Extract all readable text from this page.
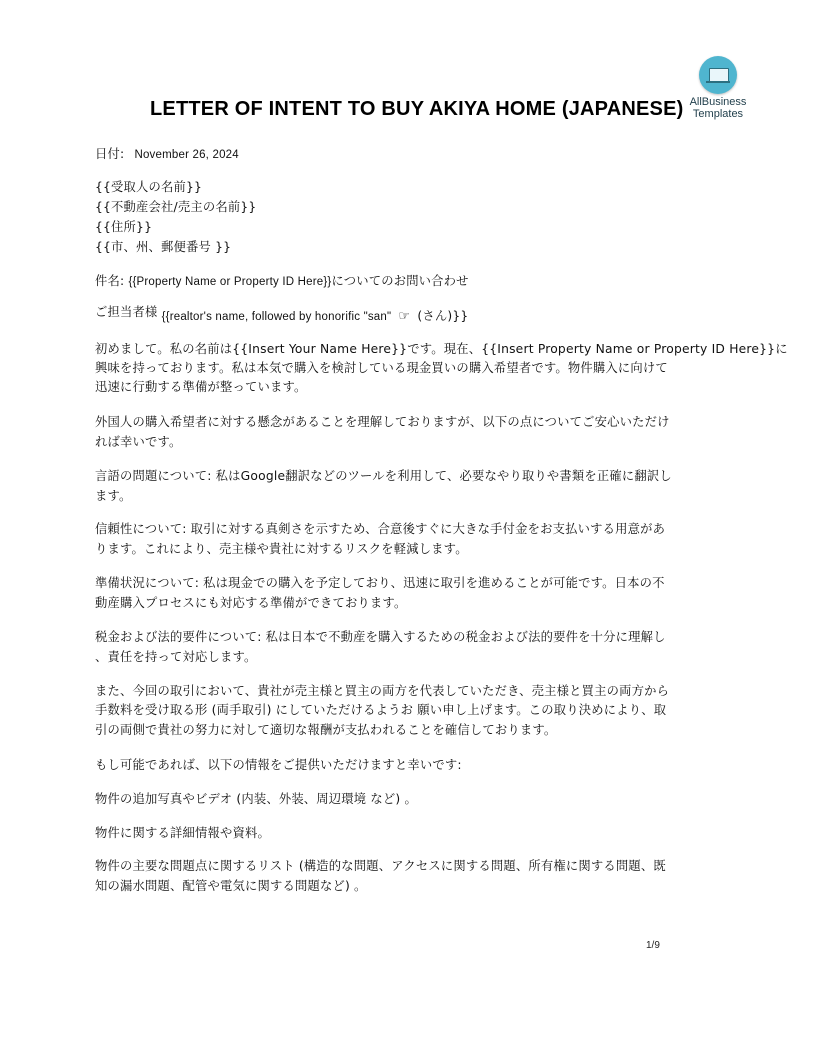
AllBusiness
Templates
LETTER OF INTENT TO BUY AKIYA HOME (JAPANESE)
日付: November 26, 2024
{{受取人の名前}}
{{不動産会社/売主の名前}}
{{住所}}
{{市、州、郵便番号 }}
件名: {{Property Name or Property ID Here}}についてのお問い合わせ
ご担当者様 {{realtor's name, followed by honorific "san" ☞ (さん)}}
初めまして。私の名前は{{Insert Your Name Here}}です。現在、{{Insert Property Name or Property ID Here}}に
興味を持っております。私は本気で購入を検討している現金買いの購入希望者です。物件購入に向けて
迅速に行動する準備が整っています。
外国人の購入希望者に対する懸念があることを理解しておりますが、以下の点についてご安心いただけ
れば幸いです。
言語の問題について: 私はGoogle翻訳などのツールを利用して、必要なやり取りや書類を正確に翻訳し
ます。
信頼性について: 取引に対する真剣さを示すため、合意後すぐに大きな手付金をお支払いする用意があ
ります。これにより、売主様や貴社に対するリスクを軽減します。
準備状況について: 私は現金での購入を予定しており、迅速に取引を進めることが可能です。日本の不
動産購入プロセスにも対応する準備ができております。
税金および法的要件について: 私は日本で不動産を購入するための税金および法的要件を十分に理解し
、責任を持って対応します。
また、今回の取引において、貴社が売主様と買主の両方を代表していただき、売主様と買主の両方から
手数料を受け取る形 (両手取引) にしていただけるようお 願い申し上げます。この取り決めにより、取
引の両側で貴社の努力に対して適切な報酬が支払われることを確信しております。
もし可能であれば、以下の情報をご提供いただけますと幸いです:
物件の追加写真やビデオ (内装、外装、周辺環境 など) 。
物件に関する詳細情報や資料。
物件の主要な問題点に関するリスト (構造的な問題、アクセスに関する問題、所有権に関する問題、既
知の漏水問題、配管や電気に関する問題など) 。
1/9
